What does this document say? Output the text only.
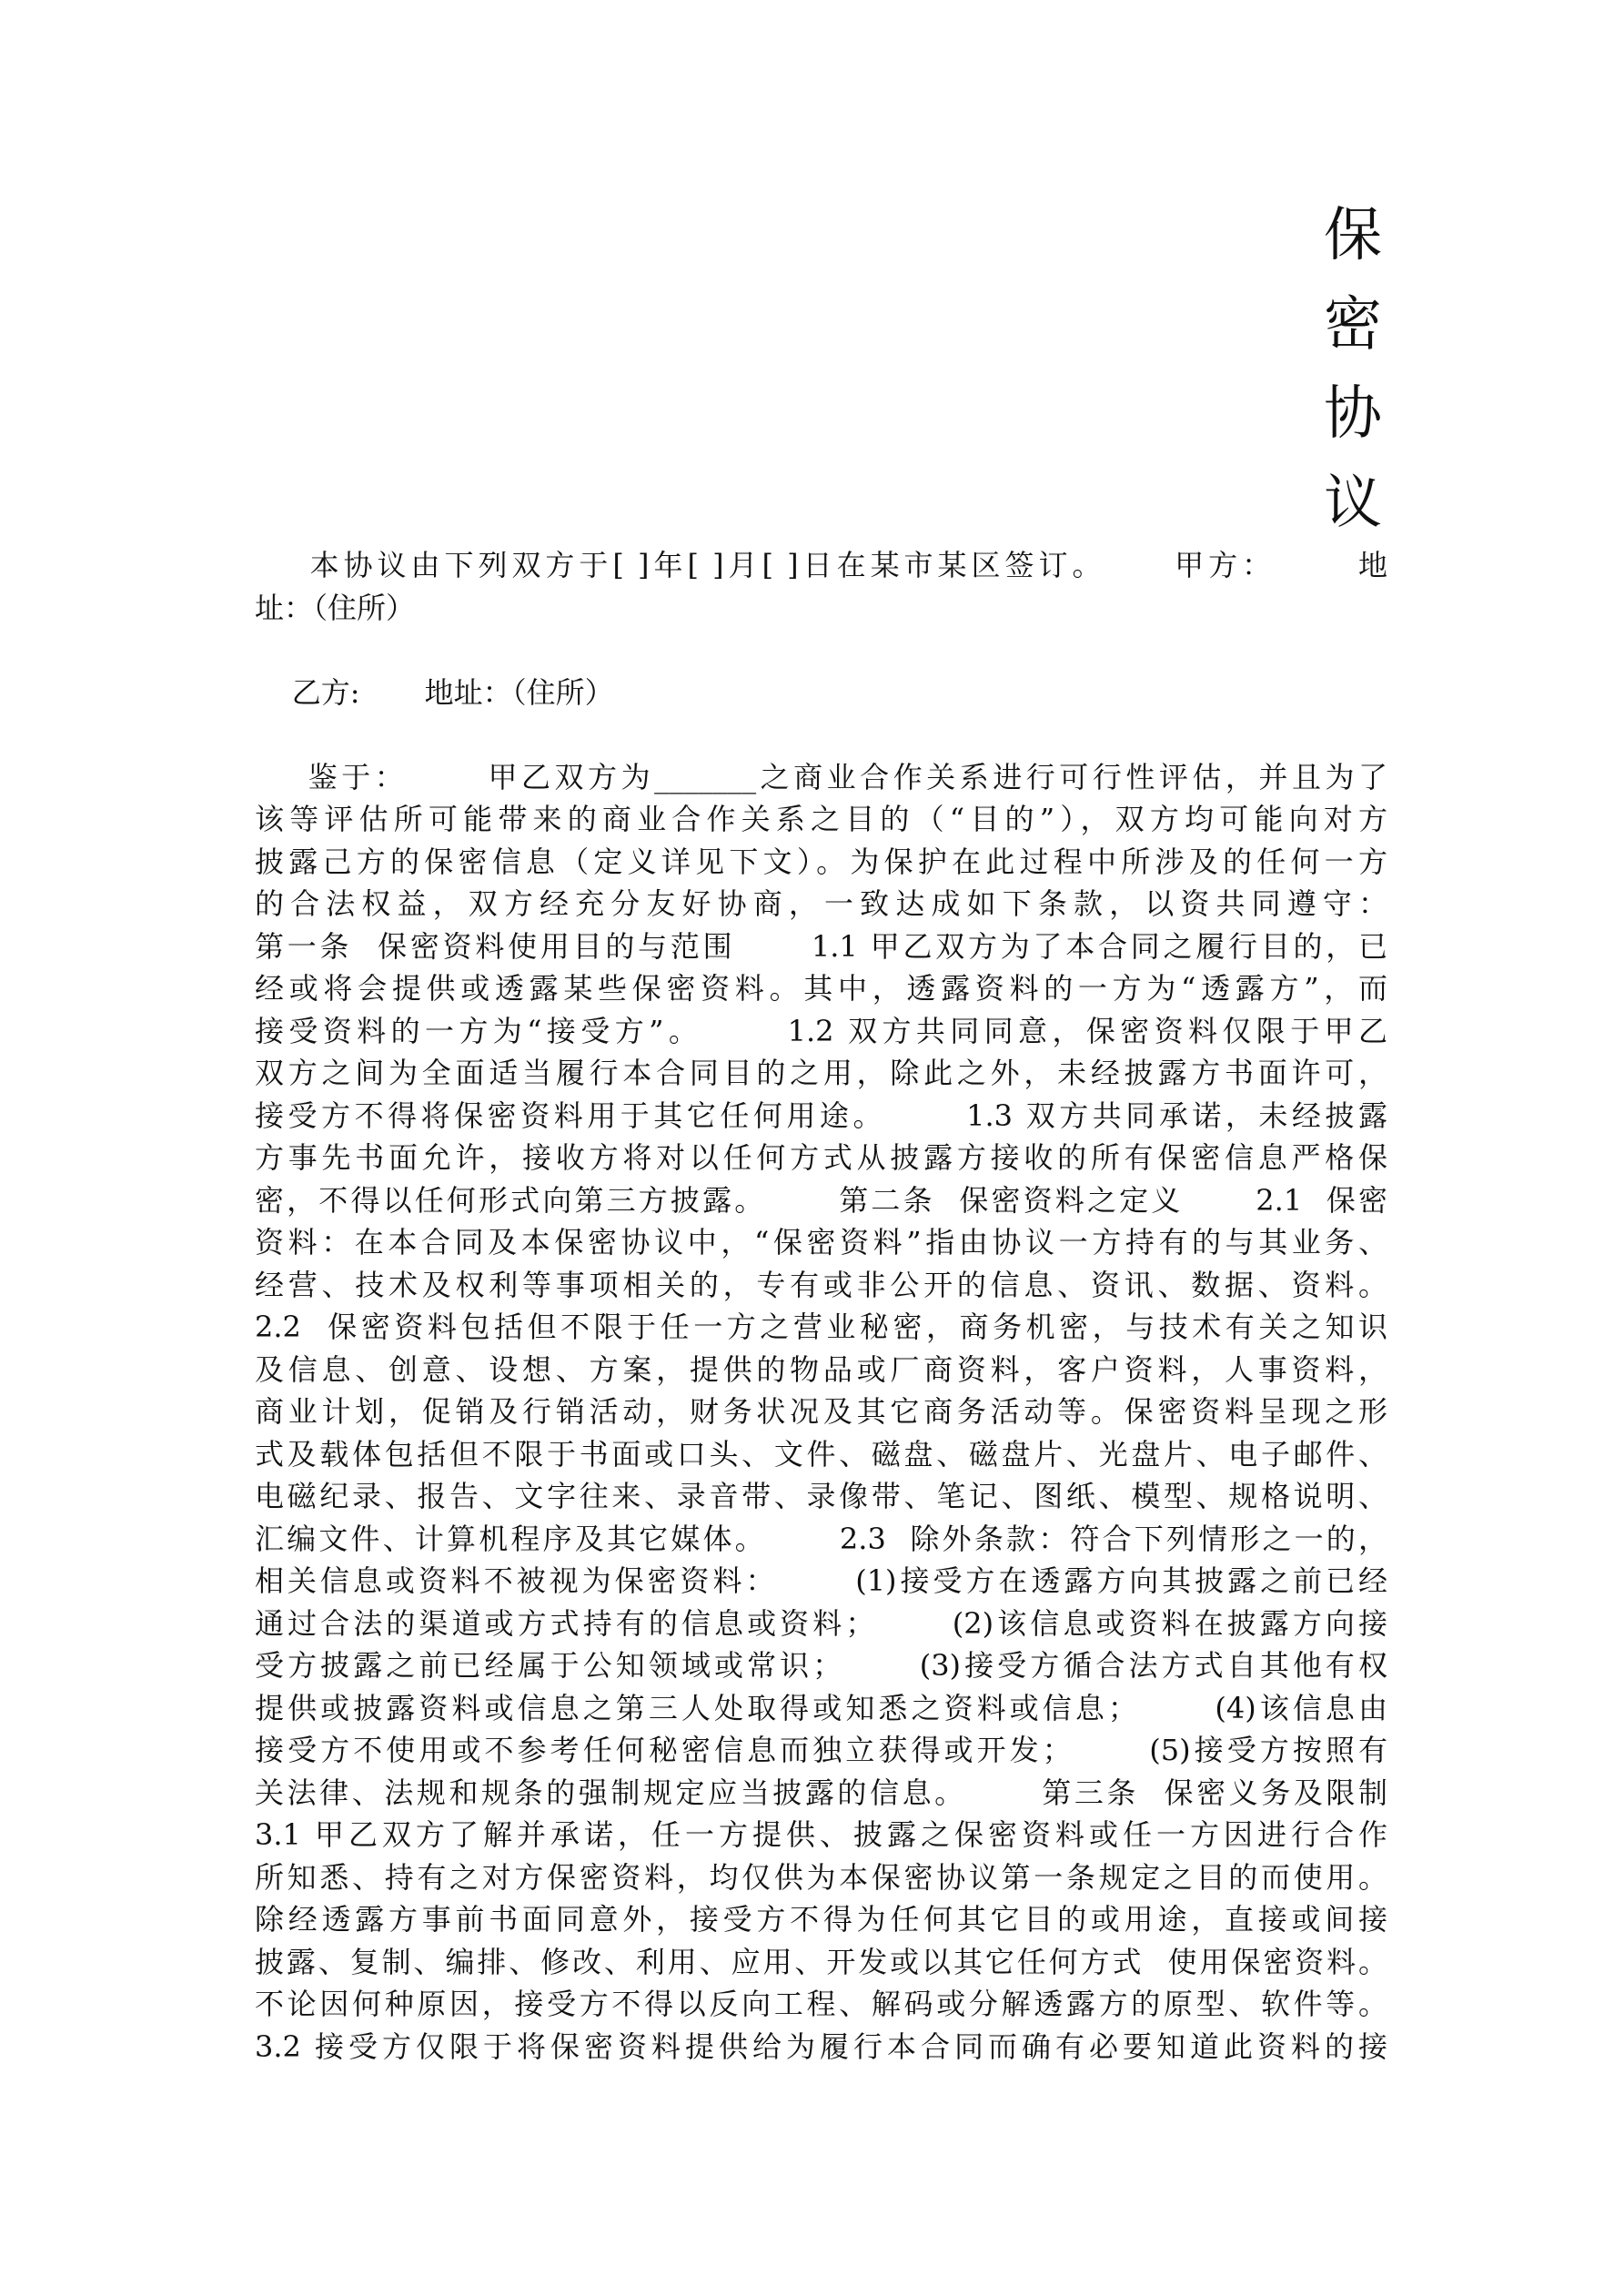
保
密
协
议
本协议由下列双方于[ ]年[ ]月[ ]日在某市某区签订。     甲方：      地
址：（住所）
乙方:       地址：（住所）
鉴于：      甲乙双方为_______之商业合作关系进行可行性评估，并且为了
该等评估所可能带来的商业合作关系之目的（“目的”），双方均可能向对方
披露己方的保密信息（定义详见下文）。为保护在此过程中所涉及的任何一方
的合法权益，双方经充分友好协商，一致达成如下条款，以资共同遵守：
第一条  保密资料使用目的与范围      1.1 甲乙双方为了本合同之履行目的，已
经或将会提供或透露某些保密资料。其中，透露资料的一方为“透露方”，而
接受资料的一方为“接受方”。      1.2 双方共同同意，保密资料仅限于甲乙
双方之间为全面适当履行本合同目的之用，除此之外，未经披露方书面许可，
接受方不得将保密资料用于其它任何用途。      1.3 双方共同承诺，未经披露
方事先书面允许，接收方将对以任何方式从披露方接收的所有保密信息严格保
密，不得以任何形式向第三方披露。      第二条  保密资料之定义      2.1  保密
资料：在本合同及本保密协议中，“保密资料”指由协议一方持有的与其业务、
经营、技术及权利等事项相关的，专有或非公开的信息、资讯、数据、资料。
2.2  保密资料包括但不限于任一方之营业秘密，商务机密，与技术有关之知识
及信息、创意、设想、方案，提供的物品或厂商资料，客户资料，人事资料，
商业计划，促销及行销活动，财务状况及其它商务活动等。保密资料呈现之形
式及载体包括但不限于书面或口头、文件、磁盘、磁盘片、光盘片、电子邮件、
电磁纪录、报告、文字往来、录音带、录像带、笔记、图纸、模型、规格说明、
汇编文件、计算机程序及其它媒体。      2.3  除外条款：符合下列情形之一的，
相关信息或资料不被视为保密资料：      (1)接受方在透露方向其披露之前已经
通过合法的渠道或方式持有的信息或资料；      (2)该信息或资料在披露方向接
受方披露之前已经属于公知领域或常识；      (3)接受方循合法方式自其他有权
提供或披露资料或信息之第三人处取得或知悉之资料或信息；      (4)该信息由
接受方不使用或不参考任何秘密信息而独立获得或开发；      (5)接受方按照有
关法律、法规和规条的强制规定应当披露的信息。      第三条  保密义务及限制
3.1 甲乙双方了解并承诺，任一方提供、披露之保密资料或任一方因进行合作
所知悉、持有之对方保密资料，均仅供为本保密协议第一条规定之目的而使用。
除经透露方事前书面同意外，接受方不得为任何其它目的或用途，直接或间接
披露、复制、编排、修改、利用、应用、开发或以其它任何方式  使用保密资料。
不论因何种原因，接受方不得以反向工程、解码或分解透露方的原型、软件等。
3.2 接受方仅限于将保密资料提供给为履行本合同而确有必要知道此资料的接
